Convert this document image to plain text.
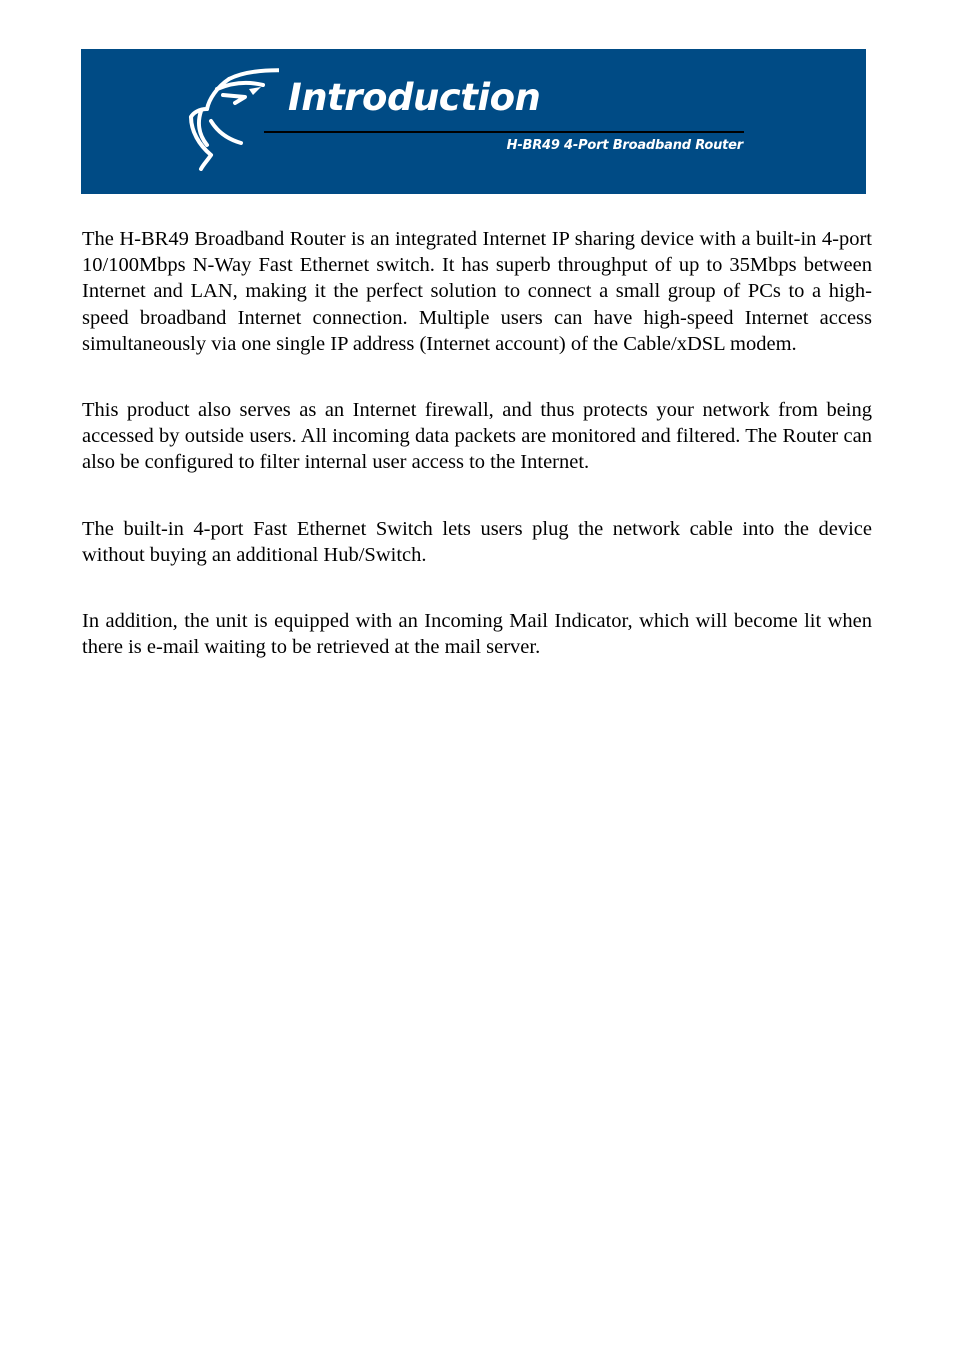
Introduction
H-BR49 4-Port Broadband Router

The H-BR49 Broadband Router is an integrated Internet IP sharing device with a built-in 4-port 10/100Mbps N-Way Fast Ethernet switch. It has superb throughput of up to 35Mbps between Internet and LAN, making it the perfect solution to connect a small group of PCs to a high-speed broadband Internet connection. Multiple users can have high-speed Internet access simultaneously via one single IP address (Internet account) of the Cable/xDSL modem.

This product also serves as an Internet firewall, and thus protects your network from being accessed by outside users. All incoming data packets are monitored and filtered. The Router can also be configured to filter internal user access to the Internet.

The built-in 4-port Fast Ethernet Switch lets users plug the network cable into the device without buying an additional Hub/Switch.

In addition, the unit is equipped with an Incoming Mail Indicator, which will become lit when there is e-mail waiting to be retrieved at the mail server.
